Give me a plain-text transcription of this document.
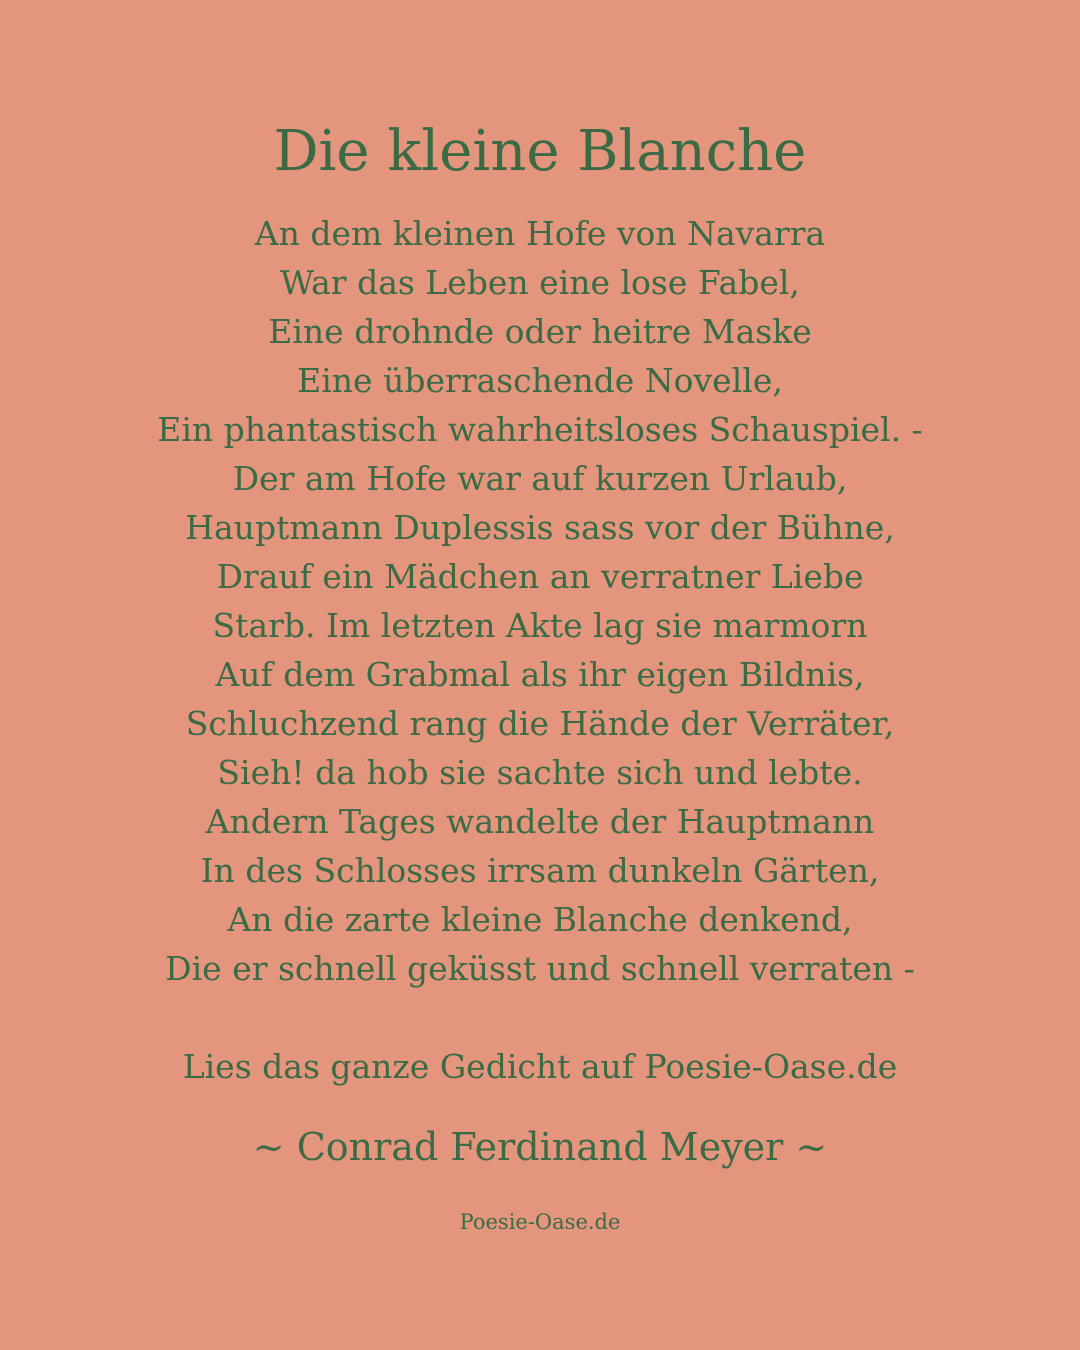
Die kleine Blanche
An dem kleinen Hofe von Navarra
War das Leben eine lose Fabel,
Eine drohnde oder heitre Maske
Eine überraschende Novelle,
Ein phantastisch wahrheitsloses Schauspiel. -
Der am Hofe war auf kurzen Urlaub,
Hauptmann Duplessis sass vor der Bühne,
Drauf ein Mädchen an verratner Liebe
Starb. Im letzten Akte lag sie marmorn
Auf dem Grabmal als ihr eigen Bildnis,
Schluchzend rang die Hände der Verräter,
Sieh! da hob sie sachte sich und lebte.
Andern Tages wandelte der Hauptmann
In des Schlosses irrsam dunkeln Gärten,
An die zarte kleine Blanche denkend,
Die er schnell geküsst und schnell verraten -
Lies das ganze Gedicht auf Poesie-Oase.de
~ Conrad Ferdinand Meyer ~
Poesie-Oase.de
